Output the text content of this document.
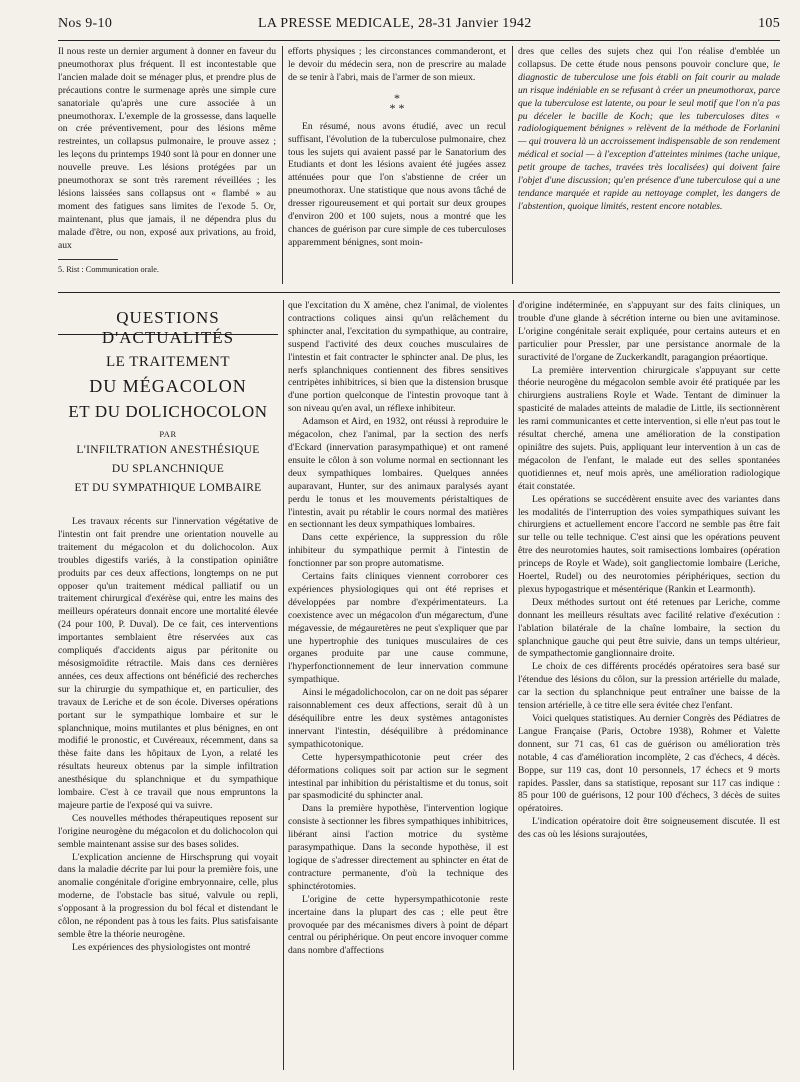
Nos 9-10	LA PRESSE MEDICALE, 28-31 Janvier 1942	105

Il nous reste un dernier argument à donner en faveur du pneumothorax plus fréquent. Il est incontestable que l'ancien malade doit se ménager plus, et prendre plus de précautions contre le surmenage après une simple cure sanatoriale qu'après une cure associée à un pneumothorax. L'exemple de la grossesse, dans laquelle on crée préventivement, pour des lésions même restreintes, un collapsus pulmonaire, le prouve assez ; les leçons du printemps 1940 sont là pour en donner une nouvelle preuve. Les lésions protégées par un pneumothorax se sont très rarement réveillées ; les lésions laissées sans collapsus ont « flambé » au moment des fatigues sans limites de l'exode 5. Or, maintenant, plus que jamais, il ne dépendra plus du malade d'être, ou non, exposé aux privations, au froid, aux

5. Rist : Communication orale.

efforts physiques ; les circonstances commanderont, et le devoir du médecin sera, non de prescrire au malade de se tenir à l'abri, mais de l'armer de son mieux.

*
* *

En résumé, nous avons étudié, avec un recul suffisant, l'évolution de la tuberculose pulmonaire, chez tous les sujets qui avaient passé par le Sanatorium des Etudiants et dont les lésions avaient été jugées assez atténuées pour que l'on s'abstienne de créer un pneumothorax. Une statistique que nous avons tâché de dresser rigoureusement et qui portait sur deux groupes d'environ 200 et 100 sujets, nous a montré que les chances de guérison par cure simple de ces tuberculoses apparemment bénignes, sont moin-

dres que celles des sujets chez qui l'on réalise d'emblée un collapsus. De cette étude nous pensons pouvoir conclure que, le diagnostic de tuberculose une fois établi on fait courir au malade un risque indéniable en se refusant à créer un pneumothorax, parce que la tuberculose est latente, ou pour le seul motif que l'on n'a pas pu déceler le bacille de Koch; que les tuberculoses dites « radiologiquement bénignes » relèvent de la méthode de Forlanini — qui trouvera là un accroissement indispensable de son rendement médical et social — à l'exception d'atteintes minimes (tache unique, petit groupe de taches, travées très localisées) qui doivent faire l'objet d'une discussion; qu'en présence d'une tuberculose qui a une tendance marquée et rapide au nettoyage complet, les dangers de l'abstention, quoique limités, restent encore notables.

QUESTIONS D'ACTUALITÉS
LE TRAITEMENT
DU MÉGACOLON
ET DU DOLICHOCOLON
PAR
L'INFILTRATION ANESTHÉSIQUE
DU SPLANCHNIQUE
ET DU SYMPATHIQUE LOMBAIRE

Les travaux récents sur l'innervation végétative de l'intestin ont fait prendre une orientation nouvelle au traitement du mégacolon et du dolichocolon. Aux troubles digestifs variés, à la constipation opiniâtre produits par ces deux affections, longtemps on ne put opposer qu'un traitement médical palliatif ou un traitement chirurgical d'exérèse qui, entre les mains des meilleurs opérateurs donnait encore une mortalité élevée (24 pour 100, P. Duval). De ce fait, ces interventions importantes semblaient être réservées aux cas compliqués d'accidents aigus par péritonite ou mésosigmoïdite rétractile. Mais dans ces dernières années, ces deux affections ont bénéficié des recherches sur la chirurgie du sympathique et, en particulier, des travaux de Leriche et de son école. Diverses opérations portant sur le sympathique lombaire et sur le splanchnique, moins mutilantes et plus bénignes, en ont modifié le pronostic, et Cuvéreaux, récemment, dans sa thèse faite dans les hôpitaux de Lyon, a relaté les résultats heureux obtenus par la simple infiltration anesthésique du splanchnique et du sympathique lombaire. C'est à ce travail que nous empruntons la majeure partie de l'exposé qui va suivre.

Ces nouvelles méthodes thérapeutiques reposent sur l'origine neurogène du mégacolon et du dolichocolon qui semble maintenant assise sur des bases solides.

L'explication ancienne de Hirschsprung qui voyait dans la maladie décrite par lui pour la première fois, une anomalie congénitale d'origine embryonnaire, celle, plus moderne, de l'obstacle bas situé, valvule ou repli, s'opposant à la progression du bol fécal et distendant le côlon, ne répondent pas à tous les faits. Plus satisfaisante semble être la théorie neurogène.

Les expériences des physiologistes ont montré

que l'excitation du X amène, chez l'animal, de violentes contractions coliques ainsi qu'un relâchement du sphincter anal, l'excitation du sympathique, au contraire, suspend l'activité des deux couches musculaires de l'intestin et fait contracter le sphincter anal. De plus, les nerfs splanchniques contiennent des fibres sensitives centripètes inhibitrices, si bien que la distension brusque d'une portion quelconque de l'intestin provoque tant à son niveau qu'en aval, un réflexe inhibiteur.

Adamson et Aird, en 1932, ont réussi à reproduire le mégacolon, chez l'animal, par la section des nerfs d'Eckard (innervation parasympathique) et ont ramené ensuite le côlon à son volume normal en sectionnant les deux sympathiques lombaires. Quelques années auparavant, Hunter, sur des animaux paralysés ayant perdu le tonus et les mouvements péristaltiques de l'intestin, avait pu rétablir le cours normal des matières en sectionnant les deux sympathiques lombaires.

Dans cette expérience, la suppression du rôle inhibiteur du sympathique permit à l'intestin de fonctionner par son propre automatisme.

Certains faits cliniques viennent corroborer ces expériences physiologiques qui ont été reprises et développées par nombre d'expérimentateurs. La coexistence avec un mégacolon d'un mégarectum, d'une mégavessie, de mégauretères ne peut s'expliquer que par une hypertrophie des tuniques musculaires de ces organes produite par une cause commune, l'hyperfonctionnement de leur innervation commune sympathique.

Ainsi le mégadolichocolon, car on ne doit pas séparer raisonnablement ces deux affections, serait dû à un déséquilibre entre les deux systèmes antagonistes innervant l'intestin, déséquilibre à prédominance sympathicotonique.

Cette hypersympathicotonie peut créer des déformations coliques soit par action sur le segment intestinal par inhibition du péristaltisme et du tonus, soit par spasmodicité du sphincter anal.

Dans la première hypothèse, l'intervention logique consiste à sectionner les fibres sympathiques inhibitrices, libérant ainsi l'action motrice du système parasympathique. Dans la seconde hypothèse, il est logique de s'adresser directement au sphincter en état de contracture permanente, d'où la technique des sphinctérotomies.

L'origine de cette hypersympathicotonie reste incertaine dans la plupart des cas ; elle peut être provoquée par des mécanismes divers à point de départ central ou périphérique. On peut encore invoquer comme dans nombre d'affections

d'origine indéterminée, en s'appuyant sur des faits cliniques, un trouble d'une glande à sécrétion interne ou bien une avitaminose. L'origine congénitale serait expliquée, pour certains auteurs et en particulier pour Pressler, par une persistance anormale de la suractivité de l'organe de Zuckerkandlt, paragangion préaortique.

La première intervention chirurgicale s'appuyant sur cette théorie neurogène du mégacolon semble avoir été pratiquée par les chirurgiens australiens Royle et Wade. Tentant de diminuer la spasticité de malades atteints de maladie de Little, ils sectionnèrent les rami communicantes et cette intervention, si elle n'eut pas tout le résultat cherché, amena une amélioration de la constipation opiniâtre des sujets. Puis, appliquant leur intervention à un cas de mégacolon de l'enfant, le malade eut des selles spontanées quotidiennes et, neuf mois après, une amélioration radiologique était constatée.

Les opérations se succédèrent ensuite avec des variantes dans les modalités de l'interruption des voies sympathiques suivant les chirurgiens et actuellement encore l'accord ne semble pas être fait sur telle ou telle technique. C'est ainsi que les opérations peuvent être des neurotomies hautes, soit ramisections lombaires (opération princeps de Royle et Wade), soit gangliectomie lombaire (Leriche, Hoertel, Rudel) ou des neurotomies périphériques, section du plexus hypogastrique et mésentérique (Rankin et Learmonth).

Deux méthodes surtout ont été retenues par Leriche, comme donnant les meilleurs résultats avec facilité relative d'exécution : l'ablation bilatérale de la chaîne lombaire, la section du splanchnique gauche qui peut être suivie, dans un temps ultérieur, de sympathectomie ganglionnaire droite.

Le choix de ces différents procédés opératoires sera basé sur l'étendue des lésions du côlon, sur la pression artérielle du malade, car la section du splanchnique peut entraîner une baisse de la tension artérielle, à ce titre elle sera évitée chez l'enfant.

Voici quelques statistiques. Au dernier Congrès des Pédiatres de Langue Française (Paris, Octobre 1938), Rohmer et Valette donnent, sur 71 cas, 61 cas de guérison ou amélioration très notable, 4 cas d'amélioration incomplète, 2 cas d'échecs, 4 décès. Boppe, sur 119 cas, dont 10 personnels, 17 échecs et 9 morts rapides. Passler, dans sa statistique, reposant sur 117 cas indique : 85 pour 100 de guérisons, 12 pour 100 d'échecs, 3 décès de suites opératoires.

L'indication opératoire doit être soigneusement discutée. Il est des cas où les lésions surajoutées,
